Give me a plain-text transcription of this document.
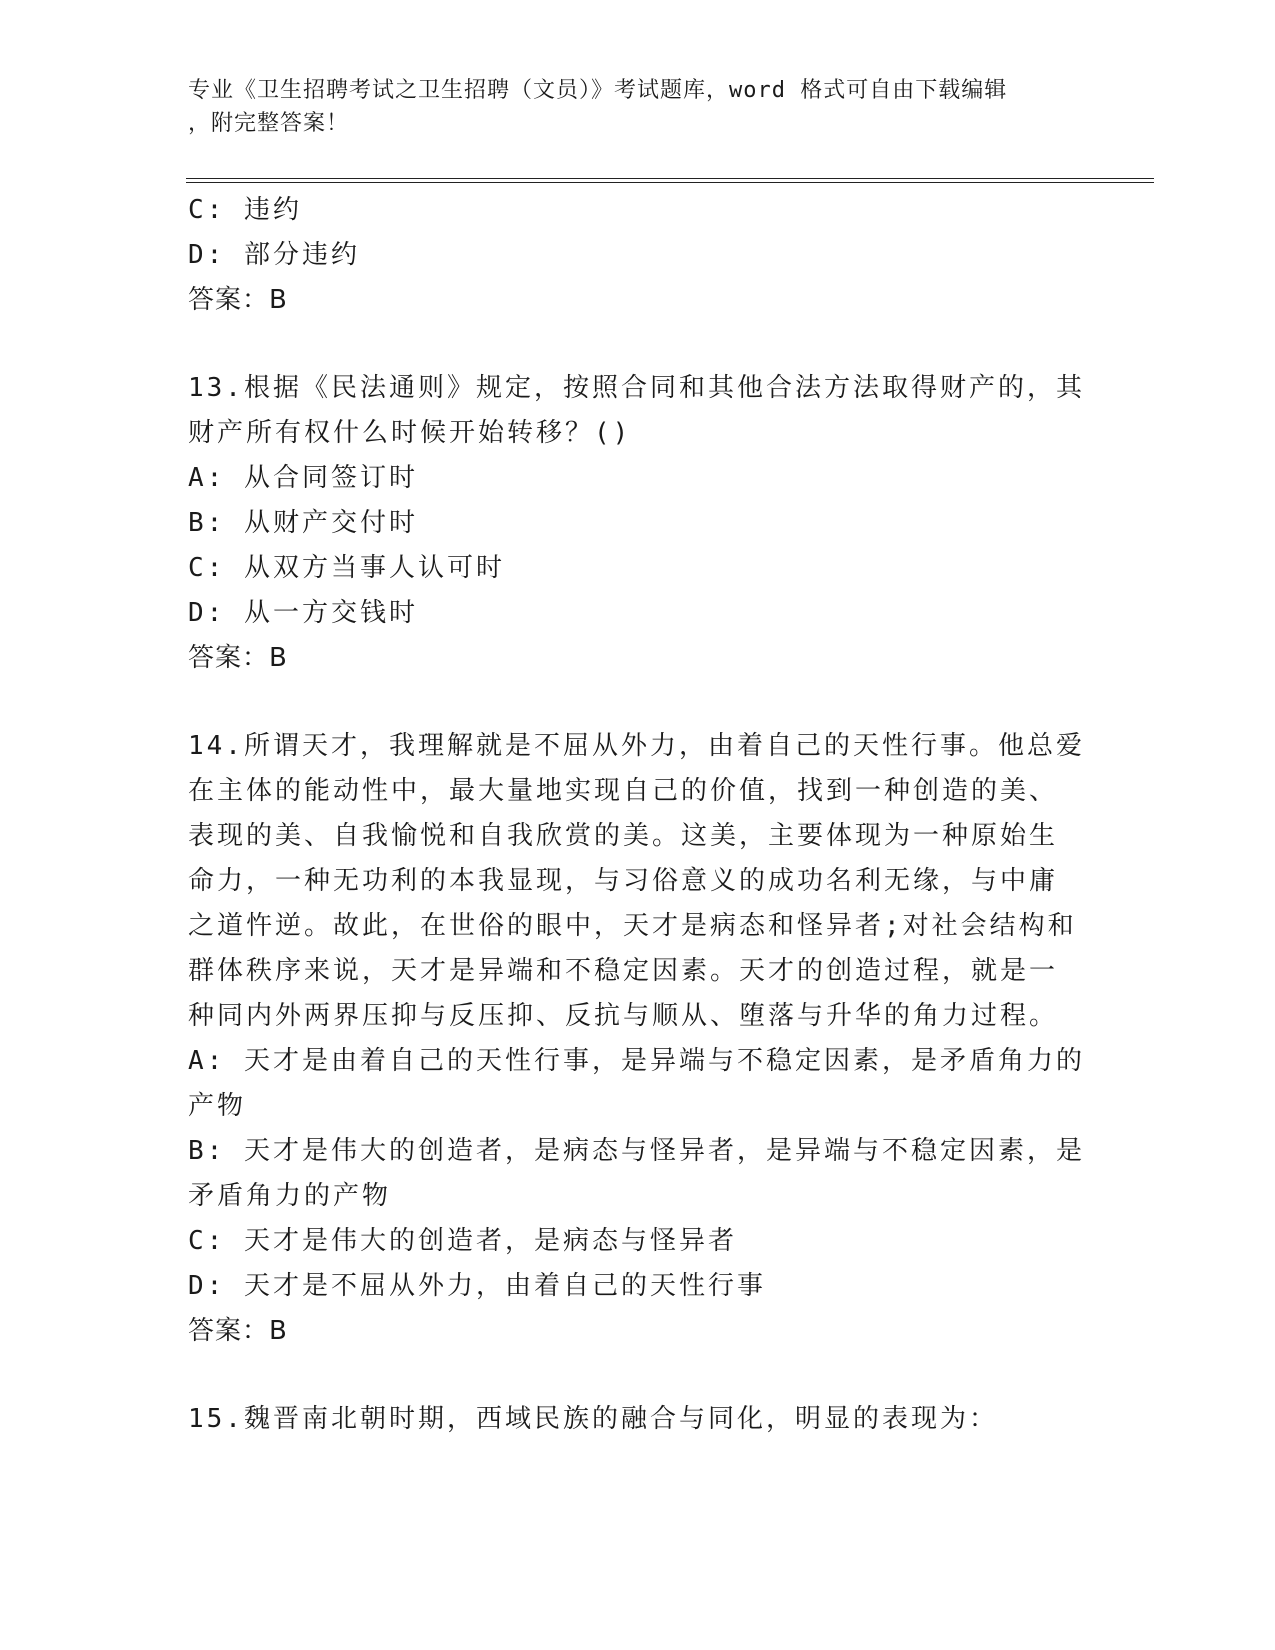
专业《卫生招聘考试之卫生招聘（文员）》考试题库，word 格式可自由下载编辑
，附完整答案！
C: 违约
D: 部分违约
答案：B
13.根据《民法通则》规定，按照合同和其他合法方法取得财产的，其
财产所有权什么时候开始转移？()
A: 从合同签订时
B: 从财产交付时
C: 从双方当事人认可时
D: 从一方交钱时
答案：B
14.所谓天才，我理解就是不屈从外力，由着自己的天性行事。他总爱
在主体的能动性中，最大量地实现自己的价值，找到一种创造的美、
表现的美、自我愉悦和自我欣赏的美。这美，主要体现为一种原始生
命力，一种无功利的本我显现，与习俗意义的成功名利无缘，与中庸
之道忤逆。故此，在世俗的眼中，天才是病态和怪异者;对社会结构和
群体秩序来说，天才是异端和不稳定因素。天才的创造过程，就是一
种同内外两界压抑与反压抑、反抗与顺从、堕落与升华的角力过程。
A: 天才是由着自己的天性行事，是异端与不稳定因素，是矛盾角力的
产物
B: 天才是伟大的创造者，是病态与怪异者，是异端与不稳定因素，是
矛盾角力的产物
C: 天才是伟大的创造者，是病态与怪异者
D: 天才是不屈从外力，由着自己的天性行事
答案：B
15.魏晋南北朝时期，西域民族的融合与同化，明显的表现为：
